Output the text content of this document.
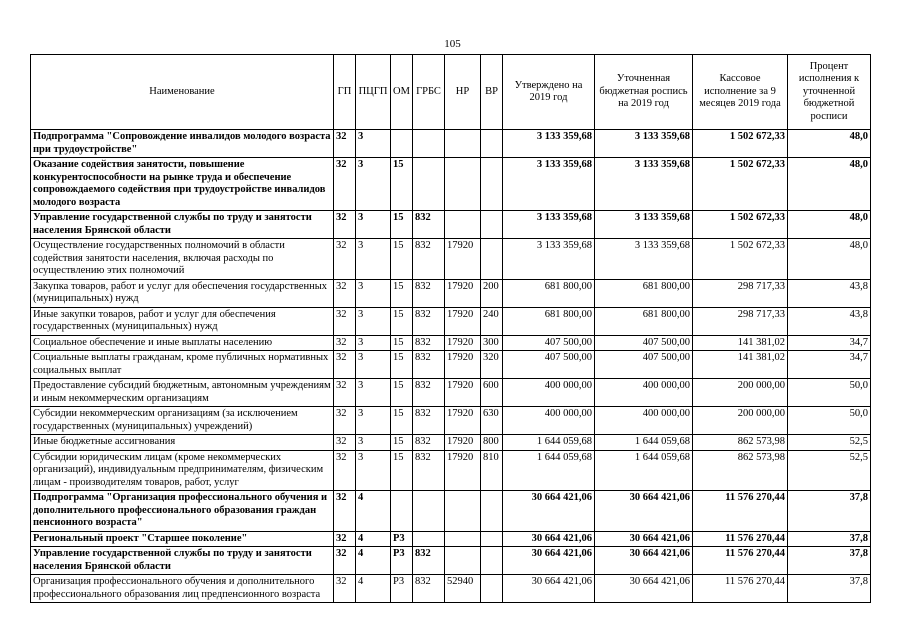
105
Наименование	ГП	ПЦГП	ОМ	ГРБС	НР	ВР	Утверждено на 2019 год	Уточненная бюджетная роспись на 2019 год	Кассовое исполнение за 9 месяцев 2019 года	Процент исполнения к уточненной бюджетной росписи
Подпрограмма "Сопровождение инвалидов молодого возраста при трудоустройстве"	32	3					3 133 359,68	3 133 359,68	1 502 672,33	48,0
Оказание содействия занятости, повышение конкурентоспособности на рынке труда и обеспечение сопровождаемого содействия при трудоустройстве инвалидов молодого возраста	32	3	15				3 133 359,68	3 133 359,68	1 502 672,33	48,0
Управление государственной службы по труду и занятости населения Брянской области	32	3	15	832			3 133 359,68	3 133 359,68	1 502 672,33	48,0
Осуществление государственных полномочий в области содействия занятости населения, включая расходы по осуществлению этих полномочий	32	3	15	832	17920		3 133 359,68	3 133 359,68	1 502 672,33	48,0
Закупка товаров, работ и услуг для обеспечения государственных (муниципальных) нужд	32	3	15	832	17920	200	681 800,00	681 800,00	298 717,33	43,8
Иные закупки товаров, работ и услуг для обеспечения государственных (муниципальных) нужд	32	3	15	832	17920	240	681 800,00	681 800,00	298 717,33	43,8
Социальное обеспечение и иные выплаты населению	32	3	15	832	17920	300	407 500,00	407 500,00	141 381,02	34,7
Социальные выплаты гражданам, кроме публичных нормативных социальных выплат	32	3	15	832	17920	320	407 500,00	407 500,00	141 381,02	34,7
Предоставление субсидий бюджетным, автономным учреждениям и иным некоммерческим организациям	32	3	15	832	17920	600	400 000,00	400 000,00	200 000,00	50,0
Субсидии некоммерческим организациям (за исключением государственных (муниципальных) учреждений)	32	3	15	832	17920	630	400 000,00	400 000,00	200 000,00	50,0
Иные бюджетные ассигнования	32	3	15	832	17920	800	1 644 059,68	1 644 059,68	862 573,98	52,5
Субсидии юридическим лицам (кроме некоммерческих организаций), индивидуальным предпринимателям, физическим лицам - производителям товаров, работ, услуг	32	3	15	832	17920	810	1 644 059,68	1 644 059,68	862 573,98	52,5
Подпрограмма "Организация профессионального обучения и дополнительного профессионального образования граждан пенсионного возраста"	32	4					30 664 421,06	30 664 421,06	11 576 270,44	37,8
Региональный проект "Старшее поколение"	32	4	P3				30 664 421,06	30 664 421,06	11 576 270,44	37,8
Управление государственной службы по труду и занятости населения Брянской области	32	4	P3	832			30 664 421,06	30 664 421,06	11 576 270,44	37,8
Организация профессионального обучения и дополнительного профессионального образования лиц предпенсионного возраста	32	4	P3	832	52940		30 664 421,06	30 664 421,06	11 576 270,44	37,8
